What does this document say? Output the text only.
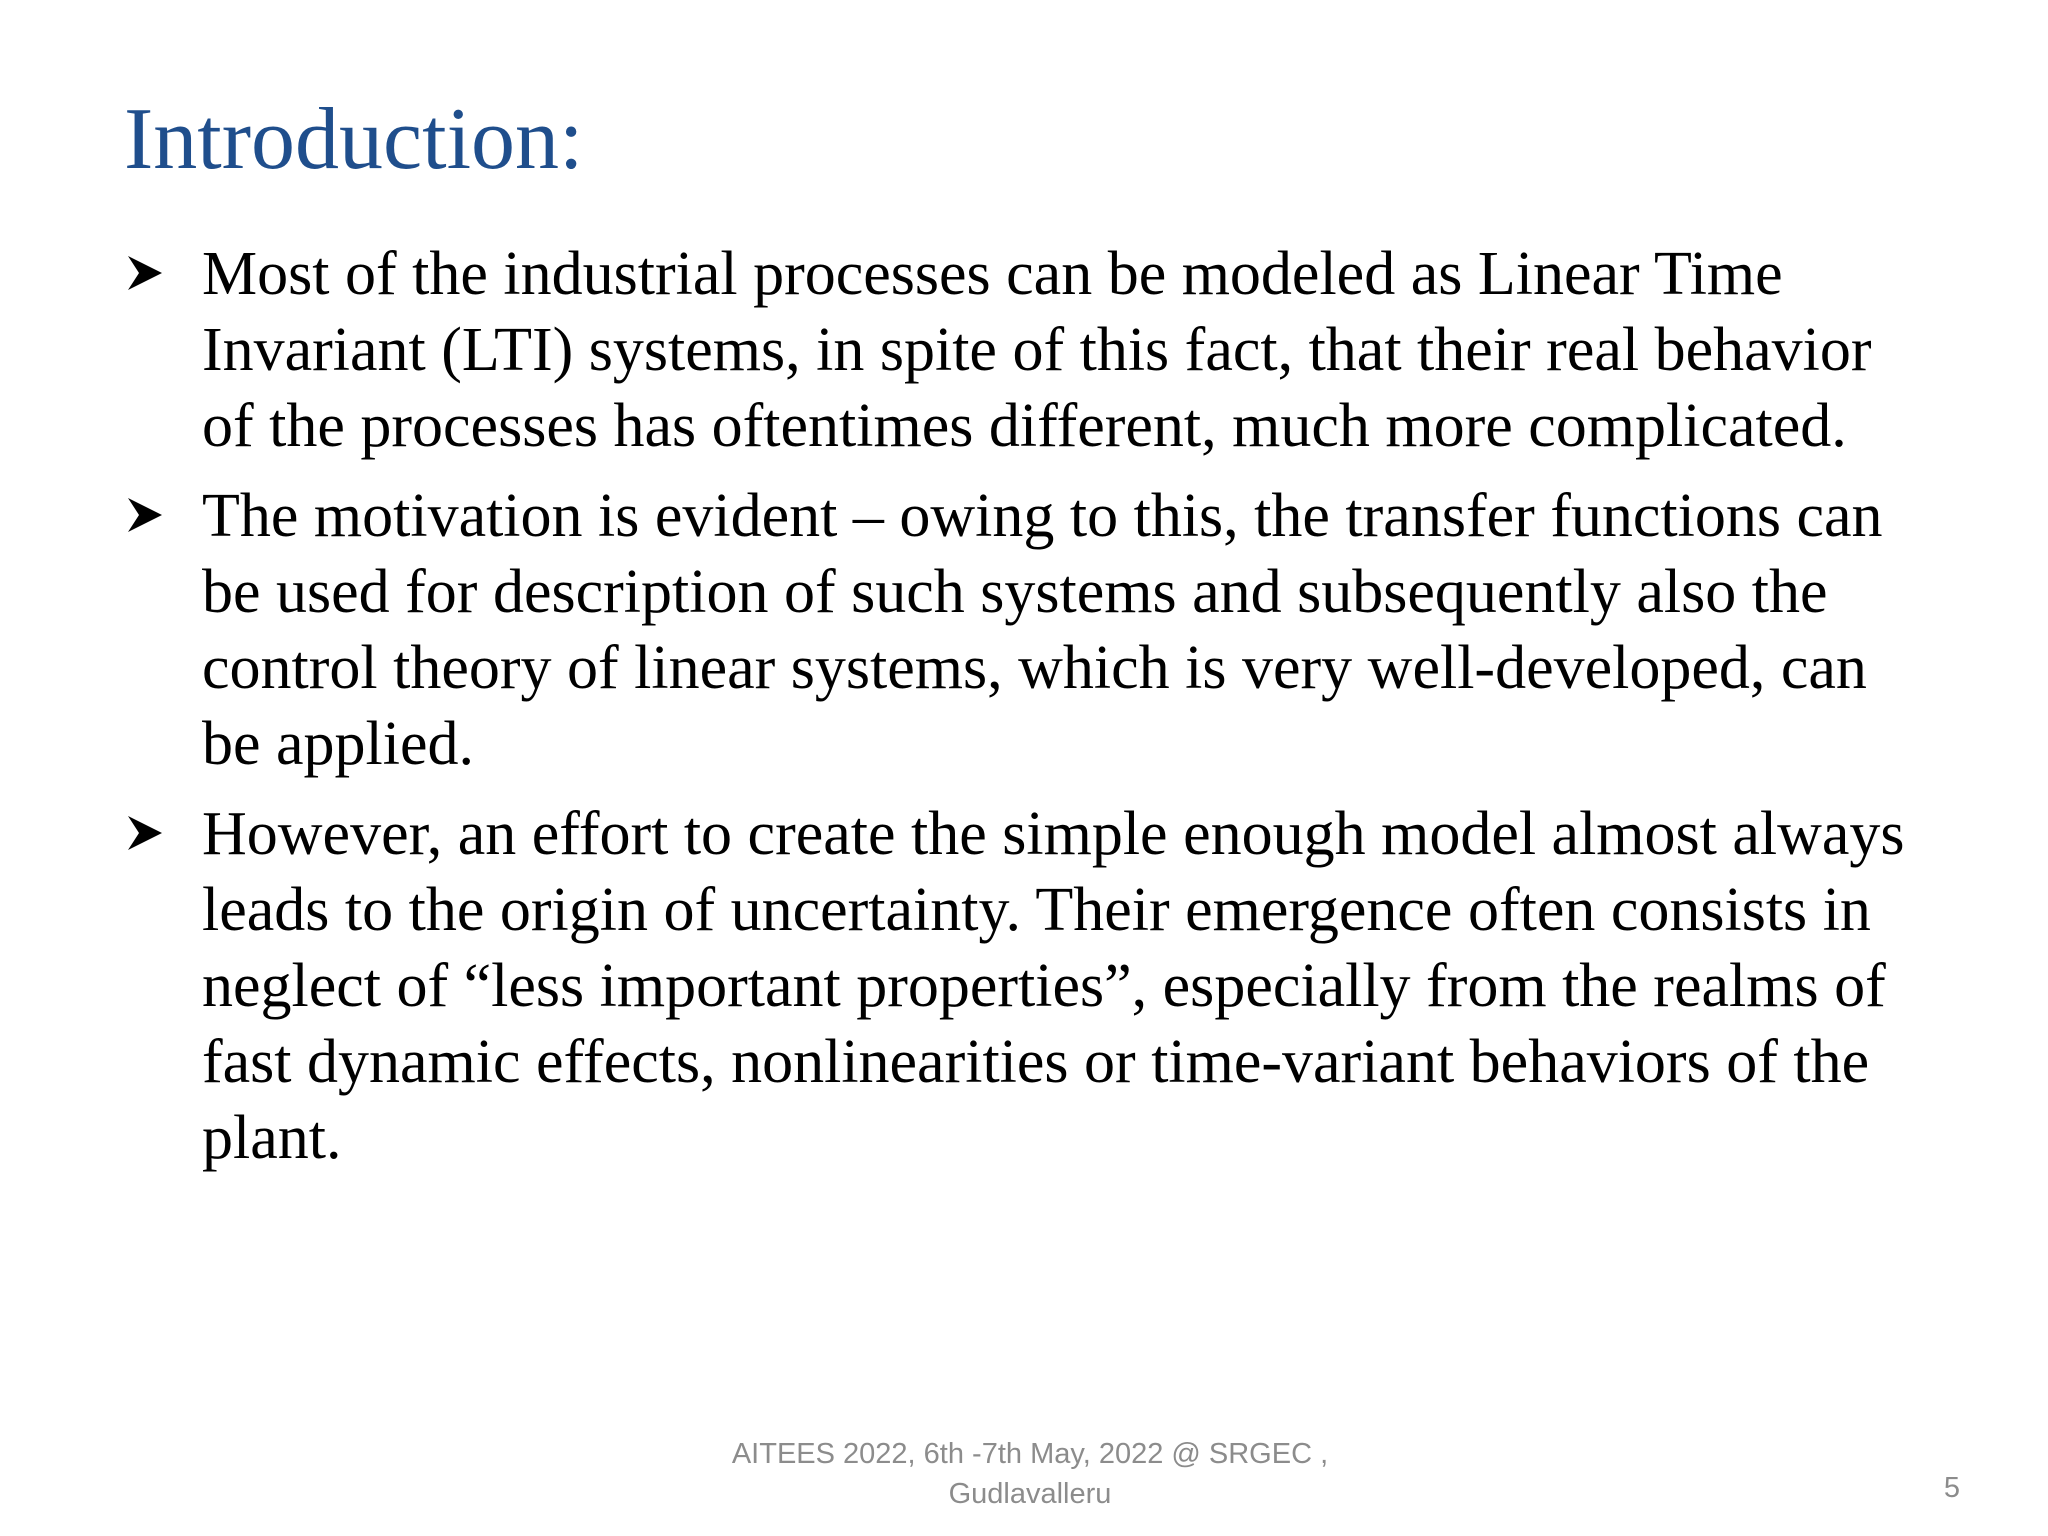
Introduction:
Most of the industrial processes can be modeled as Linear Time
Invariant (LTI) systems, in spite of this fact, that their real behavior
of the processes has oftentimes different, much more complicated.
The motivation is evident – owing to this, the transfer functions can
be used for description of such systems and subsequently also the
control theory of linear systems, which is very well-developed, can
be applied.
However, an effort to create the simple enough model almost always
leads to the origin of uncertainty. Their emergence often consists in
neglect of “less important properties”, especially from the realms of
fast dynamic effects, nonlinearities or time-variant behaviors of the
plant.
AITEES 2022, 6th -7th May, 2022 @ SRGEC ,
Gudlavalleru	5
